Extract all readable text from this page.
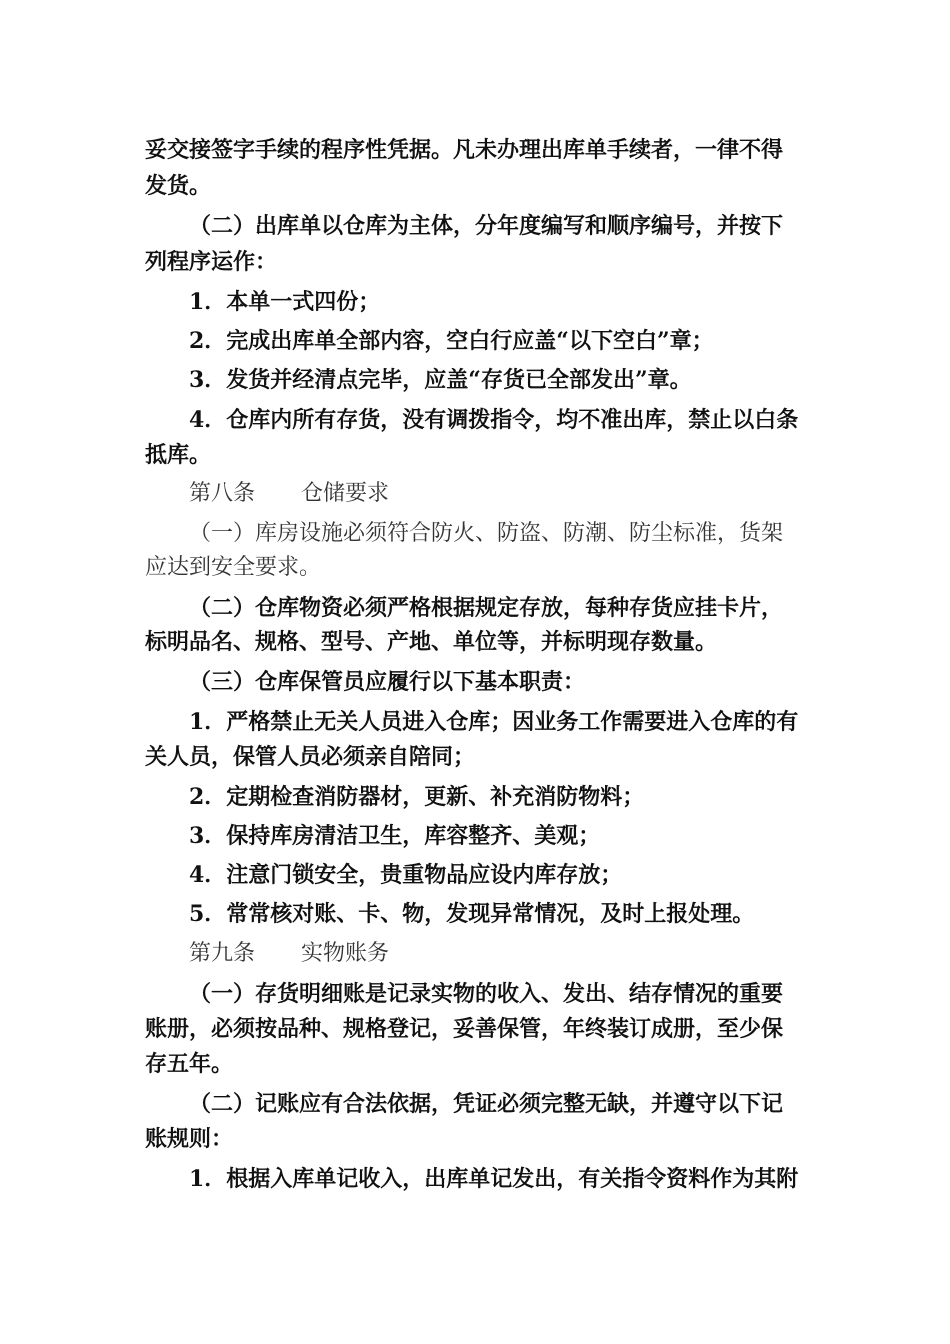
妥交接签字手续的程序性凭据。凡未办理出库单手续者，一律不得
发货。
（二）出库单以仓库为主体，分年度编写和顺序编号，并按下
列程序运作：
1．本单一式四份；
2．完成出库单全部内容，空白行应盖“以下空白”章；
3．发货并经清点完毕，应盖“存货已全部发出”章。
4．仓库内所有存货，没有调拨指令，均不准出库，禁止以白条
抵库。
第八条 仓储要求
（一）库房设施必须符合防火、防盗、防潮、防尘标准，货架
应达到安全要求。
（二）仓库物资必须严格根据规定存放，每种存货应挂卡片，
标明品名、规格、型号、产地、单位等，并标明现存数量。
（三）仓库保管员应履行以下基本职责：
1．严格禁止无关人员进入仓库；因业务工作需要进入仓库的有
关人员，保管人员必须亲自陪同；
2．定期检查消防器材，更新、补充消防物料；
3．保持库房清洁卫生，库容整齐、美观；
4．注意门锁安全，贵重物品应设内库存放；
5．常常核对账、卡、物，发现异常情况，及时上报处理。
第九条 实物账务
（一）存货明细账是记录实物的收入、发出、结存情况的重要
账册，必须按品种、规格登记，妥善保管，年终装订成册，至少保
存五年。
（二）记账应有合法依据，凭证必须完整无缺，并遵守以下记
账规则：
1．根据入库单记收入，出库单记发出，有关指令资料作为其附
